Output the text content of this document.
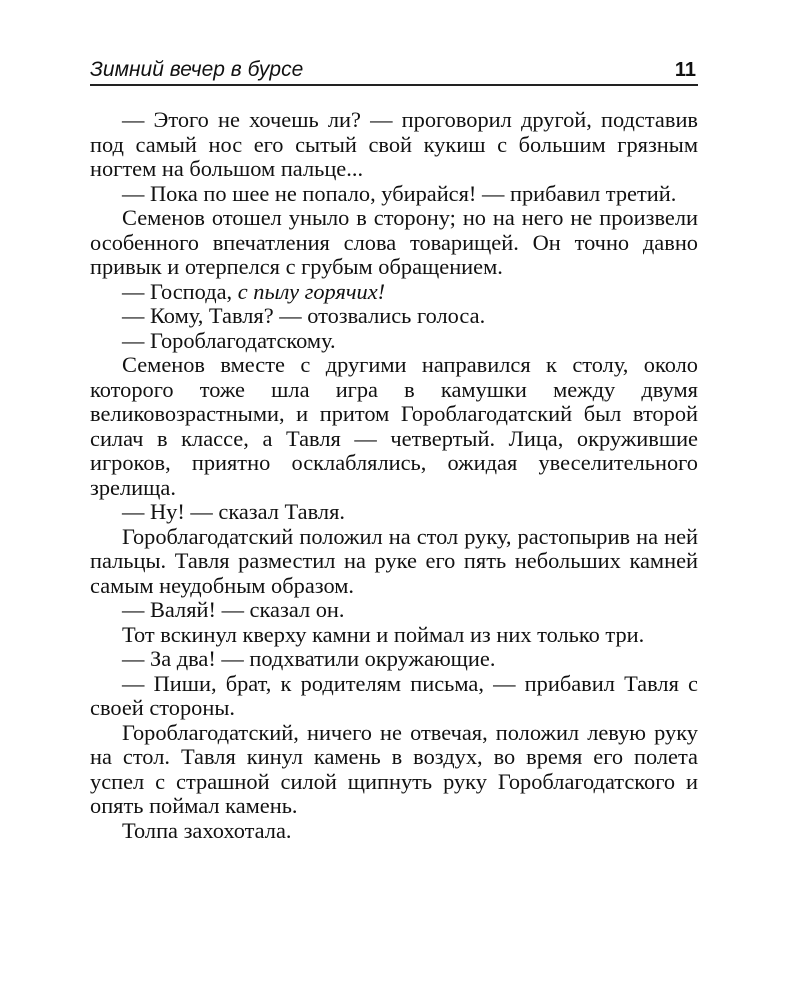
Зимний вечер в бурсе	11

— Этого не хочешь ли? — проговорил другой, подставив под самый нос его сытый свой кукиш с большим грязным ногтем на большом пальце...

— Пока по шее не попало, убирайся! — прибавил третий.

Семенов отошел уныло в сторону; но на него не произвели особенного впечатления слова товарищей. Он точно давно привык и отерпелся с грубым обращением.

— Господа, с пылу горячих!

— Кому, Тавля? — отозвались голоса.

— Гороблагодатскому.

Семенов вместе с другими направился к столу, около которого тоже шла игра в камушки между двумя великовозрастными, и притом Гороблагодатский был второй силач в классе, а Тавля — четвертый. Лица, окружившие игроков, приятно осклаблялись, ожидая увеселительного зрелища.

— Ну! — сказал Тавля.

Гороблагодатский положил на стол руку, растопырив на ней пальцы. Тавля разместил на руке его пять небольших камней самым неудобным образом.

— Валяй! — сказал он.

Тот вскинул кверху камни и поймал из них только три.

— За два! — подхватили окружающие.

— Пиши, брат, к родителям письма, — прибавил Тавля с своей стороны.

Гороблагодатский, ничего не отвечая, положил левую руку на стол. Тавля кинул камень в воздух, во время его полета успел с страшной силой щипнуть руку Гороблагодатского и опять поймал камень.

Толпа захохотала.
